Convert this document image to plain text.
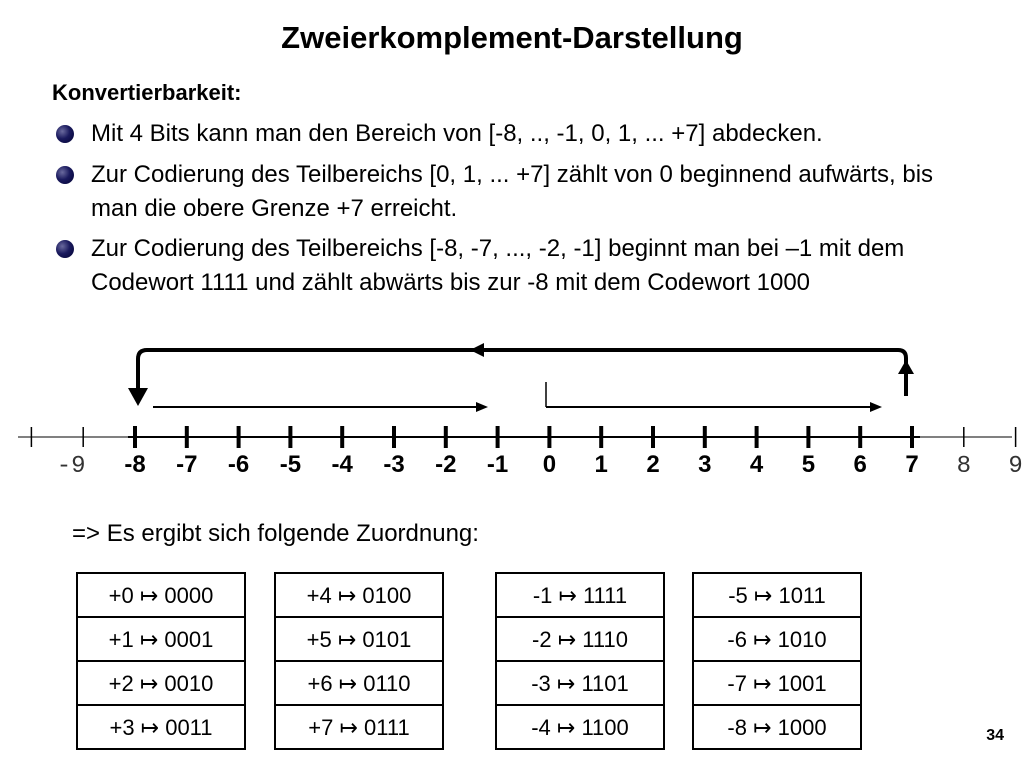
Zweierkomplement-Darstellung
Konvertierbarkeit:
Mit 4 Bits kann man den Bereich von [-8, .., -1, 0, 1, ... +7] abdecken.
Zur Codierung des Teilbereichs [0, 1, ... +7] zählt von 0 beginnend aufwärts, bis man die obere Grenze +7 erreicht.
Zur Codierung des Teilbereichs [-8, -7, ..., -2, -1] beginnt man bei –1 mit dem Codewort 1111 und zählt abwärts bis zur -8 mit dem Codewort 1000
-9 -8 -7 -6 -5 -4 -3 -2 -1 0 1 2 3 4 5 6 7 8 9
=> Es ergibt sich folgende Zuordnung:
+0 ↦ 0000
+1 ↦ 0001
+2 ↦ 0010
+3 ↦ 0011
+4 ↦ 0100
+5 ↦ 0101
+6 ↦ 0110
+7 ↦ 0111
-1 ↦ 1111
-2 ↦ 1110
-3 ↦ 1101
-4 ↦ 1100
-5 ↦ 1011
-6 ↦ 1010
-7 ↦ 1001
-8 ↦ 1000	34
